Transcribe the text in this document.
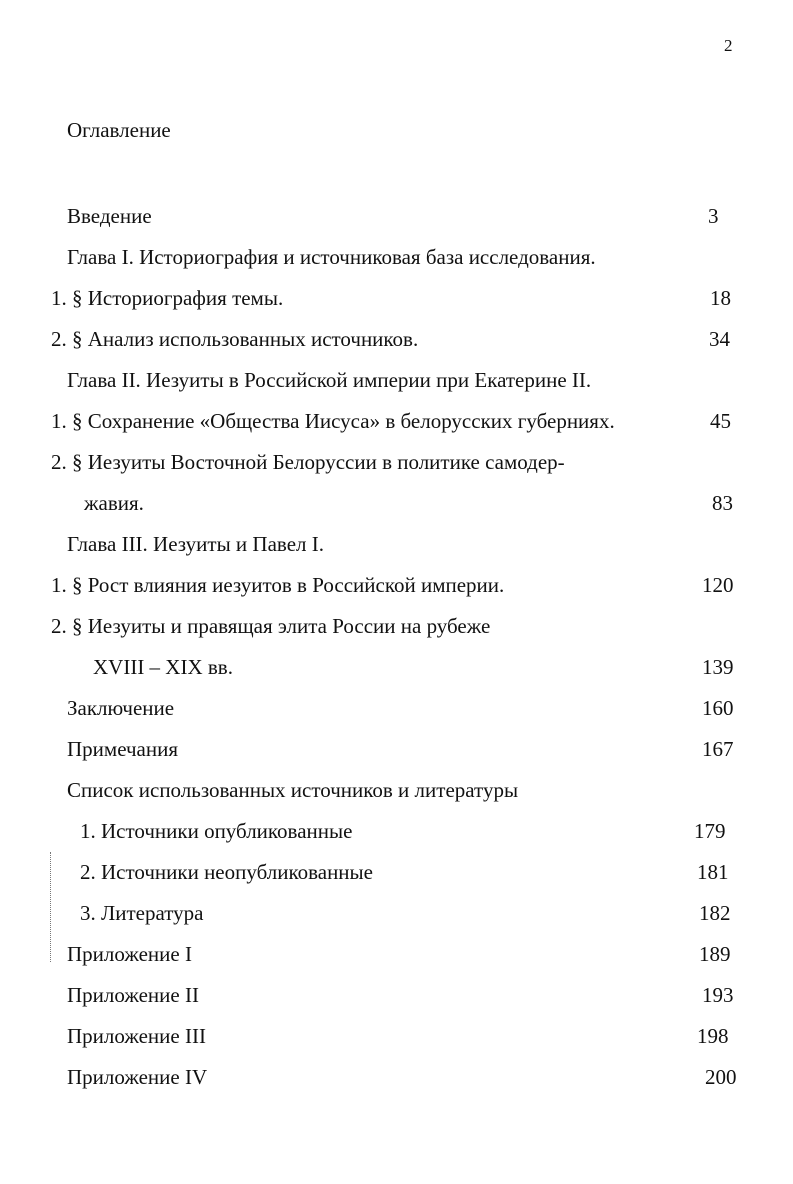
2
Оглавление
Введение	3
Глава I. Историография и источниковая база исследования.
1. § Историография темы.	18
2. § Анализ использованных источников.	34
Глава II. Иезуиты в Российской империи при Екатерине II.
1. § Сохранение «Общества Иисуса» в белорусских губерниях.	45
2. § Иезуиты Восточной Белоруссии в политике самодер-
жавия.	83
Глава III. Иезуиты и Павел I.
1. § Рост влияния иезуитов в Российской империи.	120
2. § Иезуиты и правящая элита России на рубеже
XVIII – XIX вв.	139
Заключение	160
Примечания	167
Список использованных источников и литературы
1. Источники опубликованные	179
2. Источники неопубликованные	181
3. Литература	182
Приложение I	189
Приложение II	193
Приложение III	198
Приложение IV	200
